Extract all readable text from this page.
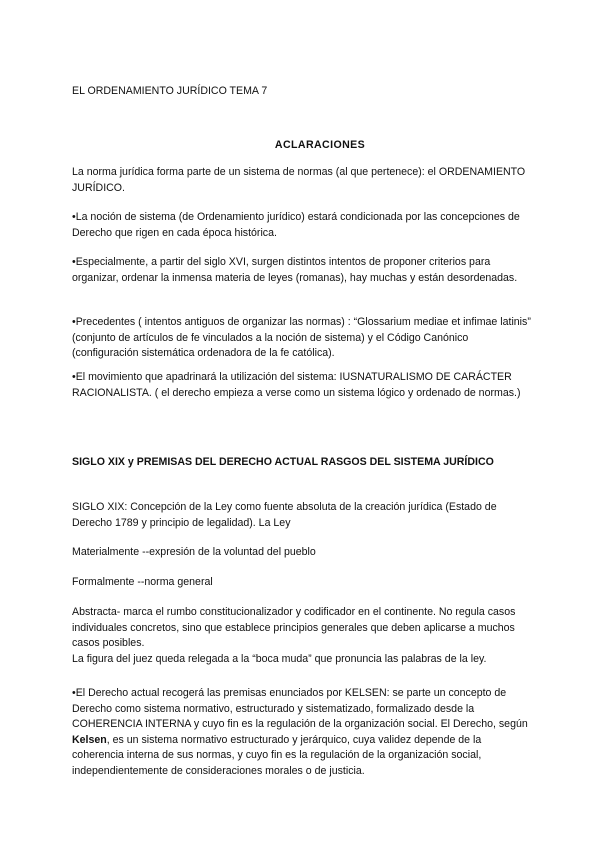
EL ORDENAMIENTO JURÍDICO TEMA 7

ACLARACIONES

La norma jurídica forma parte de un sistema de normas (al que pertenece): el ORDENAMIENTO JURÍDICO.

•La noción de sistema (de Ordenamiento jurídico) estará condicionada por las concepciones de Derecho que rigen en cada época histórica.

•Especialmente, a partir del siglo XVI, surgen distintos intentos de proponer criterios para organizar, ordenar la inmensa materia de leyes (romanas), hay muchas y están desordenadas.

•Precedentes ( intentos antiguos de organizar las normas) : “Glossarium mediae et infimae latinis” (conjunto de artículos de fe vinculados a la noción de sistema) y el Código Canónico (configuración sistemática ordenadora de la fe católica).

•El movimiento que apadrinará la utilización del sistema: IUSNATURALISMO DE CARÁCTER RACIONALISTA. ( el derecho empieza a verse como un sistema lógico y ordenado de normas.)

SIGLO XIX y PREMISAS DEL DERECHO ACTUAL RASGOS DEL SISTEMA JURÍDICO

SIGLO XIX: Concepción de la Ley como fuente absoluta de la creación jurídica (Estado de Derecho 1789 y principio de legalidad). La Ley

Materialmente --expresión de la voluntad del pueblo

Formalmente --norma general

Abstracta- marca el rumbo constitucionalizador y codificador en el continente. No regula casos individuales concretos, sino que establece principios generales que deben aplicarse a muchos casos posibles.

La figura del juez queda relegada a la “boca muda” que pronuncia las palabras de la ley.

•El Derecho actual recogerá las premisas enunciados por KELSEN: se parte un concepto de Derecho como sistema normativo, estructurado y sistematizado, formalizado desde la COHERENCIA INTERNA y cuyo fin es la regulación de la organización social. El Derecho, según Kelsen, es un sistema normativo estructurado y jerárquico, cuya validez depende de la coherencia interna de sus normas, y cuyo fin es la regulación de la organización social, independientemente de consideraciones morales o de justicia.
